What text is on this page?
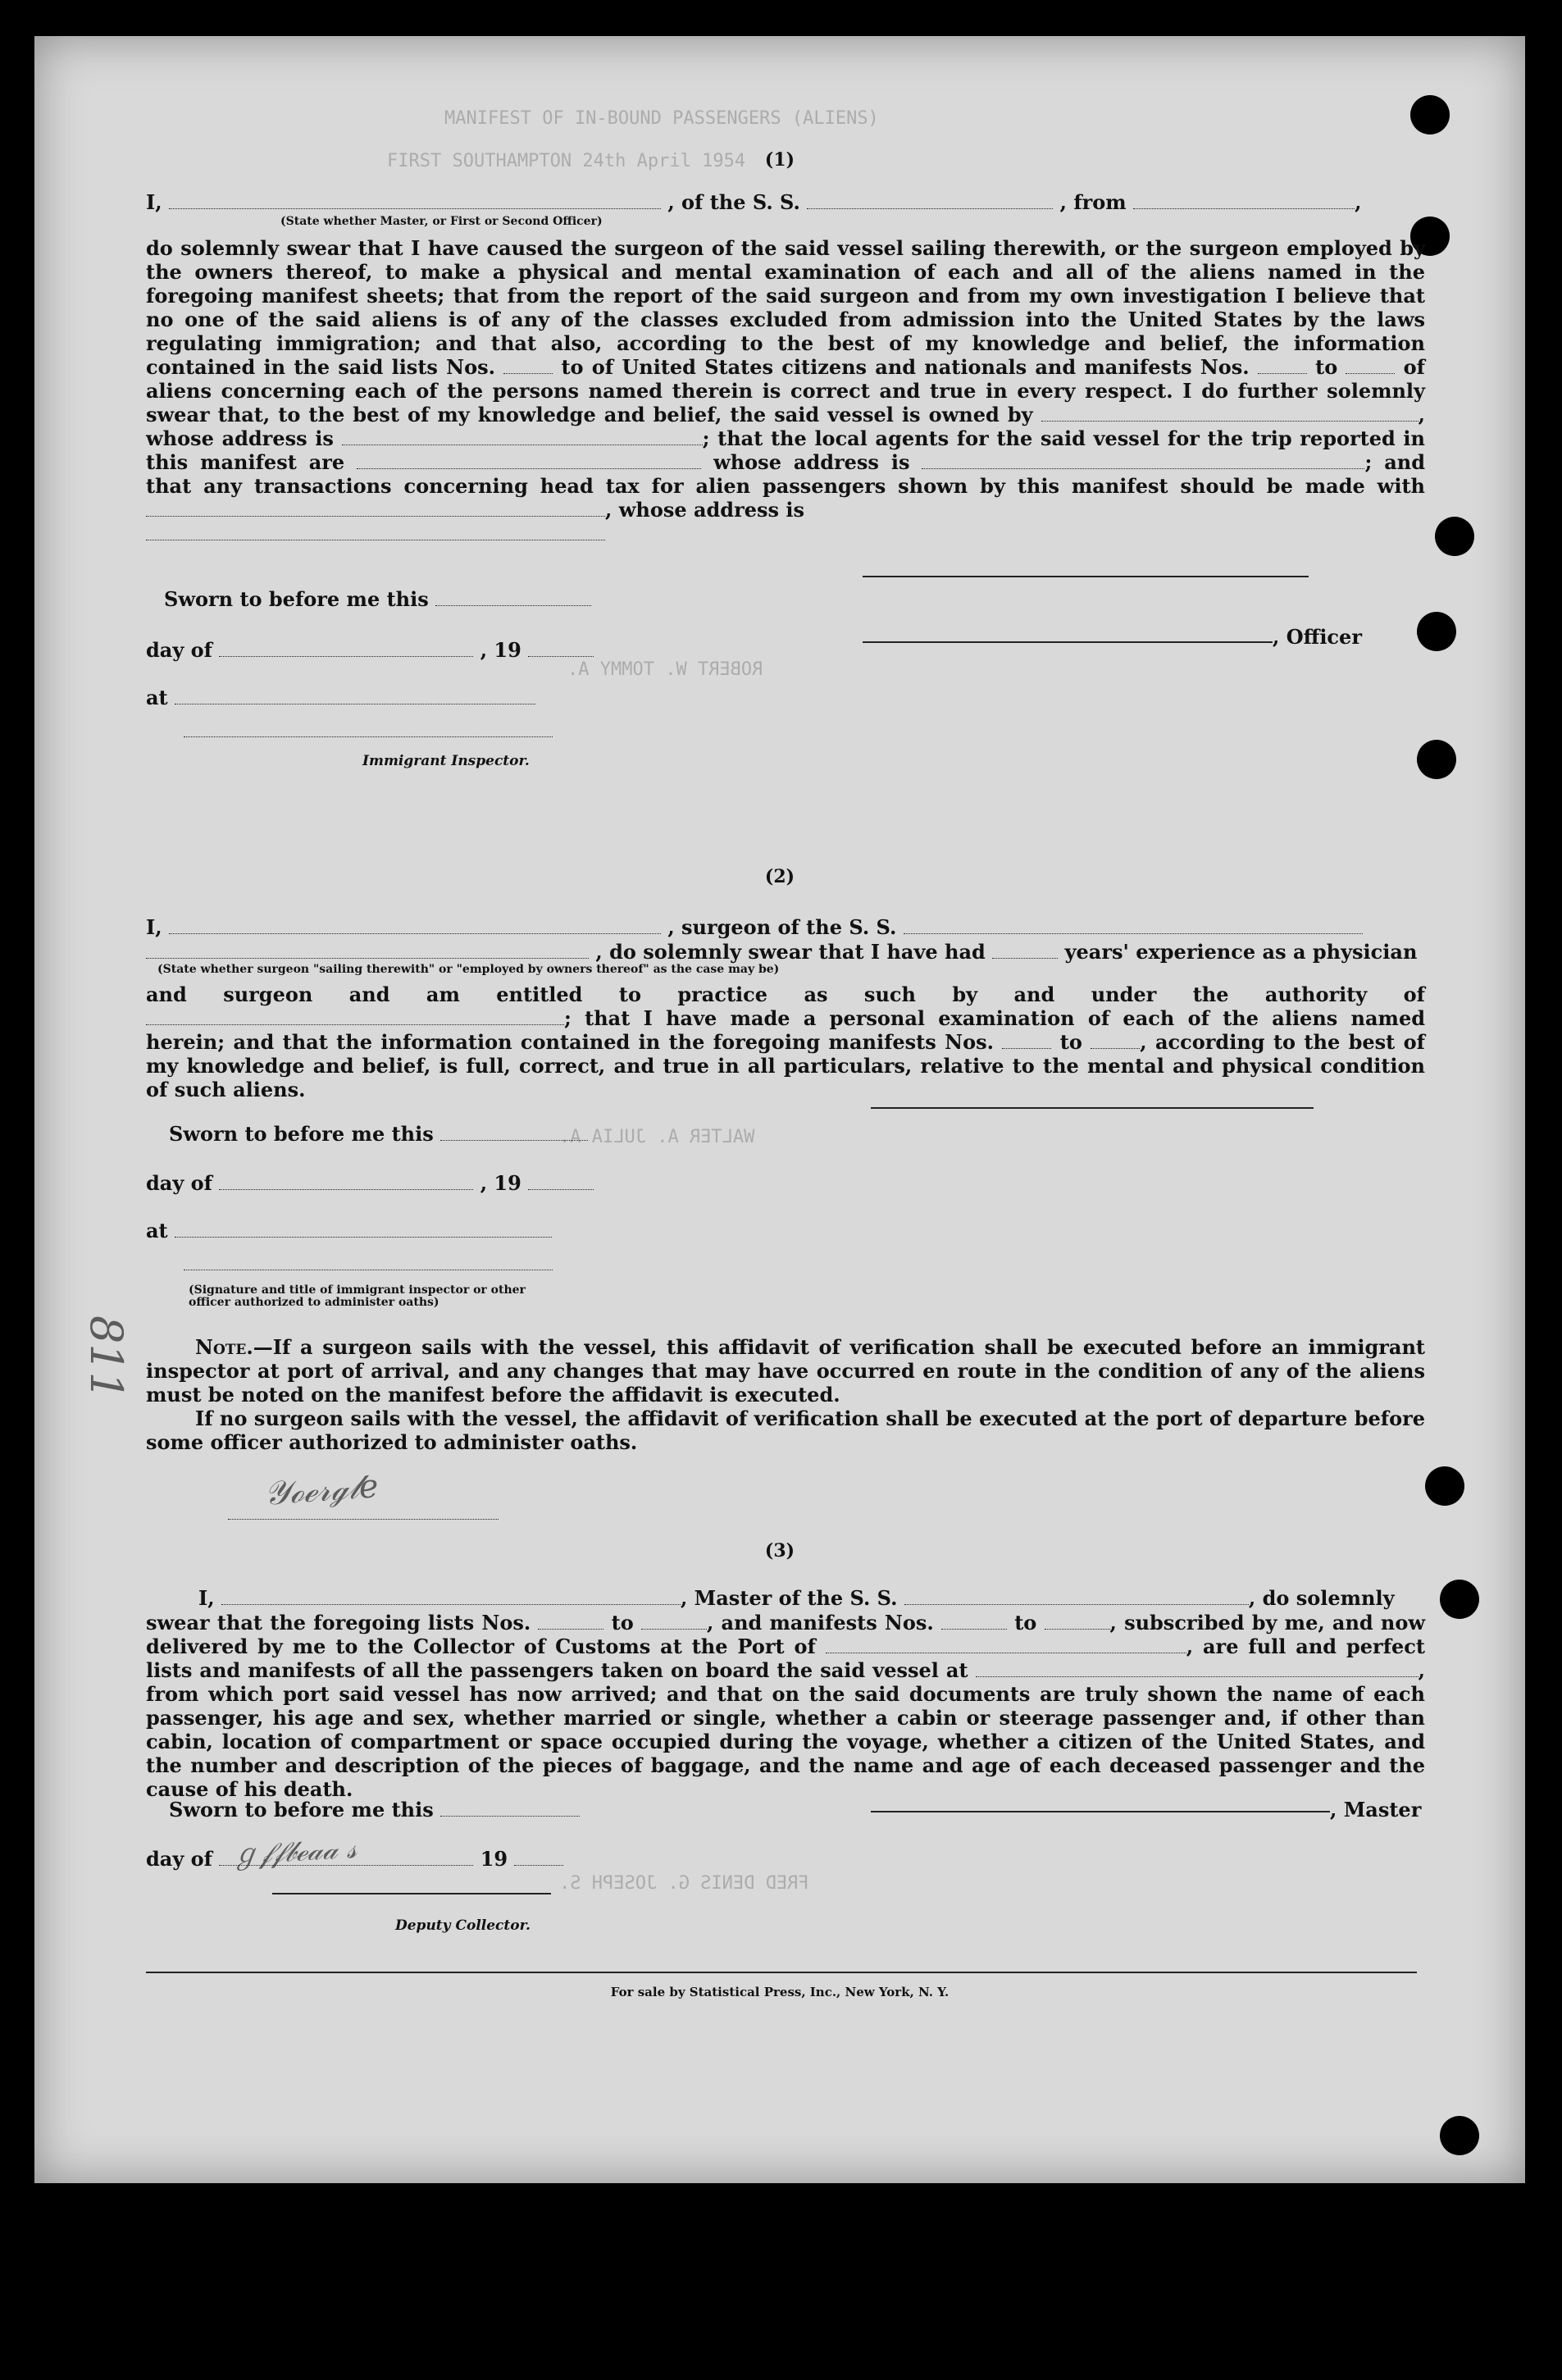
MANIFEST OF IN-BOUND PASSENGERS (ALIENS)
FIRST SOUTHAMPTON 24th April 1954
ROBERT W. TOMMY A.
WALTER A. JULIA A.
FRED DENIS G. JOSEPH S.
(1)
I,	, of the S. S.	, from	,
(State whether Master, or First or Second Officer)
do solemnly swear that I have caused the surgeon of the said vessel sailing therewith, or the surgeon employed by the owners thereof, to make a physical and mental examination of each and all of the aliens named in the foregoing manifest sheets; that from the report of the said surgeon and from my own investigation I believe that no one of the said aliens is of any of the classes excluded from admission into the United States by the laws regulating immigration; and that also, according to the best of my knowledge and belief, the information contained in the said lists Nos.	to of United States citizens and nationals and manifests Nos.	to	of aliens concerning each of the persons named therein is correct and true in every respect. I do further solemnly swear that, to the best of my knowledge and belief, the said vessel is owned by	, whose address is	; that the local agents for the said vessel for the trip reported in this manifest are	whose address is	; and that any transactions concerning head tax for alien passengers shown by this manifest should be made with , whose address is
Sworn to before me this
day of	, 19
, Officer
at
Immigrant Inspector.
(2)
I,	, surgeon of the S. S.
, do solemnly swear that I have had	years' experience as a physician
(State whether surgeon "sailing therewith" or "employed by owners thereof" as the case may be)
and surgeon and am entitled to practice as such by and under the authority of ; that I have made a personal examination of each of the aliens named herein; and that the information contained in the foregoing manifests Nos.	to	, according to the best of my knowledge and belief, is full, correct, and true in all particulars, relative to the mental and physical condition of such aliens.
Sworn to before me this
day of	, 19
at
(Signature and title of immigrant inspector or other officer authorized to administer oaths)
Note.—If a surgeon sails with the vessel, this affidavit of verification shall be executed before an immigrant inspector at port of arrival, and any changes that may have occurred en route in the condition of any of the aliens must be noted on the manifest before the affidavit is executed.
If no surgeon sails with the vessel, the affidavit of verification shall be executed at the port of departure before some officer authorized to administer oaths.
𝒴ℴℯ𝓇ℊ𝓁𝑒
811
(3)
I,	, Master of the S. S.	, do solemnly
swear that the foregoing lists Nos.	to	, and manifests Nos.	to	, subscribed by me, and now delivered by me to the Collector of Customs at the Port of	, are full and perfect lists and manifests of all the passengers taken on board the said vessel at	, from which port said vessel has now arrived; and that on the said documents are truly shown the name of each passenger, his age and sex, whether married or single, whether a cabin or steerage passenger and, if other than cabin, location of compartment or space occupied during the voyage, whether a citizen of the United States, and the number and description of the pieces of baggage, and the name and age of each deceased passenger and the cause of his death.
Sworn to before me this	, Master
day of	19
ℊ𝒻𝒻𝒷ℯ𝒶𝒶 𝓈
Deputy Collector.
For sale by Statistical Press, Inc., New York, N. Y.
